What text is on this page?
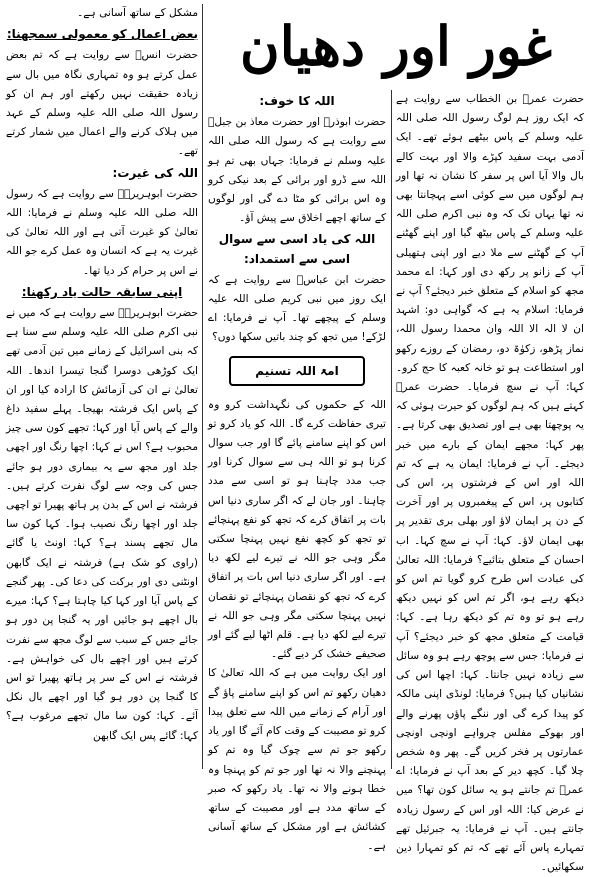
غور اور دھیان

حضرت عمرؓ بن الخطاب سے روایت ہے کہ ایک روز ہم لوگ رسول اللہ صلی اللہ علیہ وسلم کے پاس بیٹھے ہوئے تھے۔ ایک آدمی بہت سفید کپڑے والا اور بہت کالے بال والا آیا اس پر سفر کا نشان نہ تھا اور ہم لوگوں میں سے کوئی اسے پہچانتا بھی نہ تھا یہاں تک کہ وہ نبی اکرم صلی اللہ علیہ وسلم کے پاس بیٹھ گیا اور اپنے گھٹنے آپ کے گھٹنے سے ملا دیے اور اپنی ہتھیلی آپ کے زانو پر رکھ دی اور کہا: اے محمد مجھ کو اسلام کے متعلق خبر دیجئے؟ آپ نے فرمایا: اسلام یہ ہے کہ گواہی دو: اشہد ان لا الہ الا اللہ وان محمدا رسول اللہ، نماز پڑھو، زکوٰۃ دو، رمضان کے روزے رکھو اور استطاعت ہو تو خانہ کعبہ کا حج کرو۔ کہا: آپ نے سچ فرمایا۔ حضرت عمرؓ کہتے ہیں کہ ہم لوگوں کو حیرت ہوئی کہ یہ پوچھتا بھی ہے اور تصدیق بھی کرتا ہے۔ پھر کہا: مجھے ایمان کے بارے میں خبر دیجئے۔ آپ نے فرمایا: ایمان یہ ہے کہ تم اللہ اور اس کے فرشتوں پر، اس کی کتابوں پر، اس کے پیغمبروں پر اور آخرت کے دن پر ایمان لاؤ اور بھلی بری تقدیر پر بھی ایمان لاؤ۔ کہا: آپ نے سچ کہا۔ اب احسان کے متعلق بتائیے؟ فرمایا: اللہ تعالیٰ کی عبادت اس طرح کرو گویا تم اس کو دیکھ رہے ہو، اگر تم اس کو نہیں دیکھ رہے ہو تو وہ تم کو دیکھ رہا ہے۔ کہا: قیامت کے متعلق مجھ کو خبر دیجئے؟ آپ نے فرمایا: جس سے پوچھ رہے ہو وہ سائل سے زیادہ نہیں جانتا۔ کہا: اچھا اس کی نشانیاں کیا ہیں؟ فرمایا: لونڈی اپنی مالکہ کو پیدا کرے گی اور ننگے پاؤں پھرنے والے اور بھوکے مفلس چرواہے اونچی اونچی عمارتوں پر فخر کریں گے۔ پھر وہ شخص چلا گیا۔ کچھ دیر کے بعد آپ نے فرمایا: اے عمرؓ تم جانتے ہو یہ سائل کون تھا؟ میں نے عرض کیا: اللہ اور اس کے رسول زیادہ جانتے ہیں۔ آپ نے فرمایا: یہ جبرئیل تھے تمہارے پاس آئے تھے کہ تم کو تمہارا دین سکھائیں۔

اللہ کا خوف:

حضرت ابوذرؓ اور حضرت معاذ بن جبلؓ سے روایت ہے کہ رسول اللہ صلی اللہ علیہ وسلم نے فرمایا: جہاں بھی تم ہو اللہ سے ڈرو اور برائی کے بعد نیکی کرو وہ اس برائی کو مٹا دے گی اور لوگوں کے ساتھ اچھے اخلاق سے پیش آؤ۔

اللہ کی یاد اسی سے سوال اسی سے استمداد:

حضرت ابن عباسؓ سے روایت ہے کہ ایک روز میں نبی کریم صلی اللہ علیہ وسلم کے پیچھے تھا۔ آپ نے فرمایا: اے لڑکے! میں تجھ کو چند باتیں سکھا دوں؟

امۃ اللہ تسنیم

اللہ کے حکموں کی نگہداشت کرو وہ تیری حفاظت کرے گا۔ اللہ کو یاد کرو تو اس کو اپنے سامنے پائے گا اور جب سوال کرنا ہو تو اللہ ہی سے سوال کرنا اور جب مدد چاہنا ہو تو اسی سے مدد چاہنا۔ اور جان لے کہ اگر ساری دنیا اس بات پر اتفاق کرے کہ تجھ کو نفع پہنچائے تو تجھ کو کچھ نفع نہیں پہنچا سکتی مگر وہی جو اللہ نے تیرے لیے لکھ دیا ہے۔ اور اگر ساری دنیا اس بات پر اتفاق کرے کہ تجھ کو نقصان پہنچائے تو نقصان نہیں پہنچا سکتی مگر وہی جو اللہ نے تیرے لیے لکھ دیا ہے۔ قلم اٹھا لیے گئے اور صحیفے خشک کر دیے گئے۔

اور ایک روایت میں ہے کہ اللہ تعالیٰ کا دھیان رکھو تم اس کو اپنے سامنے پاؤ گے اور آرام کے زمانے میں اللہ سے تعلق پیدا کرو تو مصیبت کے وقت کام آئے گا اور یاد رکھو جو تم سے چوک گیا وہ تم کو پہنچنے والا نہ تھا اور جو تم کو پہنچا وہ خطا ہونے والا نہ تھا۔ یاد رکھو کہ صبر کے ساتھ مدد ہے اور مصیبت کے ساتھ کشائش ہے اور مشکل کے ساتھ آسانی ہے۔

مشکل کے ساتھ آسانی ہے۔

بعض اعمال کو معمولی سمجھنا:

حضرت انسؓ سے روایت ہے کہ تم بعض عمل کرتے ہو وہ تمہاری نگاہ میں بال سے زیادہ حقیقت نہیں رکھتے اور ہم ان کو رسول اللہ صلی اللہ علیہ وسلم کے عہد میں ہلاک کرنے والے اعمال میں شمار کرتے تھے۔

اللہ کی غیرت:

حضرت ابوہریرہؓ سے روایت ہے کہ رسول اللہ صلی اللہ علیہ وسلم نے فرمایا: اللہ تعالیٰ کو غیرت آتی ہے اور اللہ تعالیٰ کی غیرت یہ ہے کہ انسان وہ عمل کرے جو اللہ نے اس پر حرام کر دیا تھا۔

اپنی سابقہ حالت یاد رکھنا:

حضرت ابوہریرہؓ سے روایت ہے کہ میں نے نبی اکرم صلی اللہ علیہ وسلم سے سنا ہے کہ بنی اسرائیل کے زمانے میں تین آدمی تھے ایک کوڑھی دوسرا گنجا تیسرا اندھا۔ اللہ تعالیٰ نے ان کی آزمائش کا ارادہ کیا اور ان کے پاس ایک فرشتہ بھیجا۔ پہلے سفید داغ والے کے پاس آیا اور کہا: تجھے کون سی چیز محبوب ہے؟ اس نے کہا: اچھا رنگ اور اچھی جلد اور مجھ سے یہ بیماری دور ہو جائے جس کی وجہ سے لوگ نفرت کرتے ہیں۔ فرشتہ نے اس کے بدن پر ہاتھ پھیرا تو اچھی جلد اور اچھا رنگ نصیب ہوا۔ کہا کون سا مال تجھے پسند ہے؟ کہا: اونٹ یا گائے (راوی کو شک ہے) فرشتہ نے ایک گابھن اونٹنی دی اور برکت کی دعا کی۔ پھر گنجے کے پاس آیا اور کہا کیا چاہتا ہے؟ کہا: میرے بال اچھے ہو جائیں اور یہ گنجا پن دور ہو جائے جس کے سبب سے لوگ مجھ سے نفرت کرتے ہیں اور اچھے بال کی خواہش ہے۔ فرشتہ نے اس کے سر پر ہاتھ پھیرا تو اس کا گنجا پن دور ہو گیا اور اچھے بال نکل آئے۔ کہا: کون سا مال تجھے مرغوب ہے؟ کہا: گائے پس ایک گابھن
